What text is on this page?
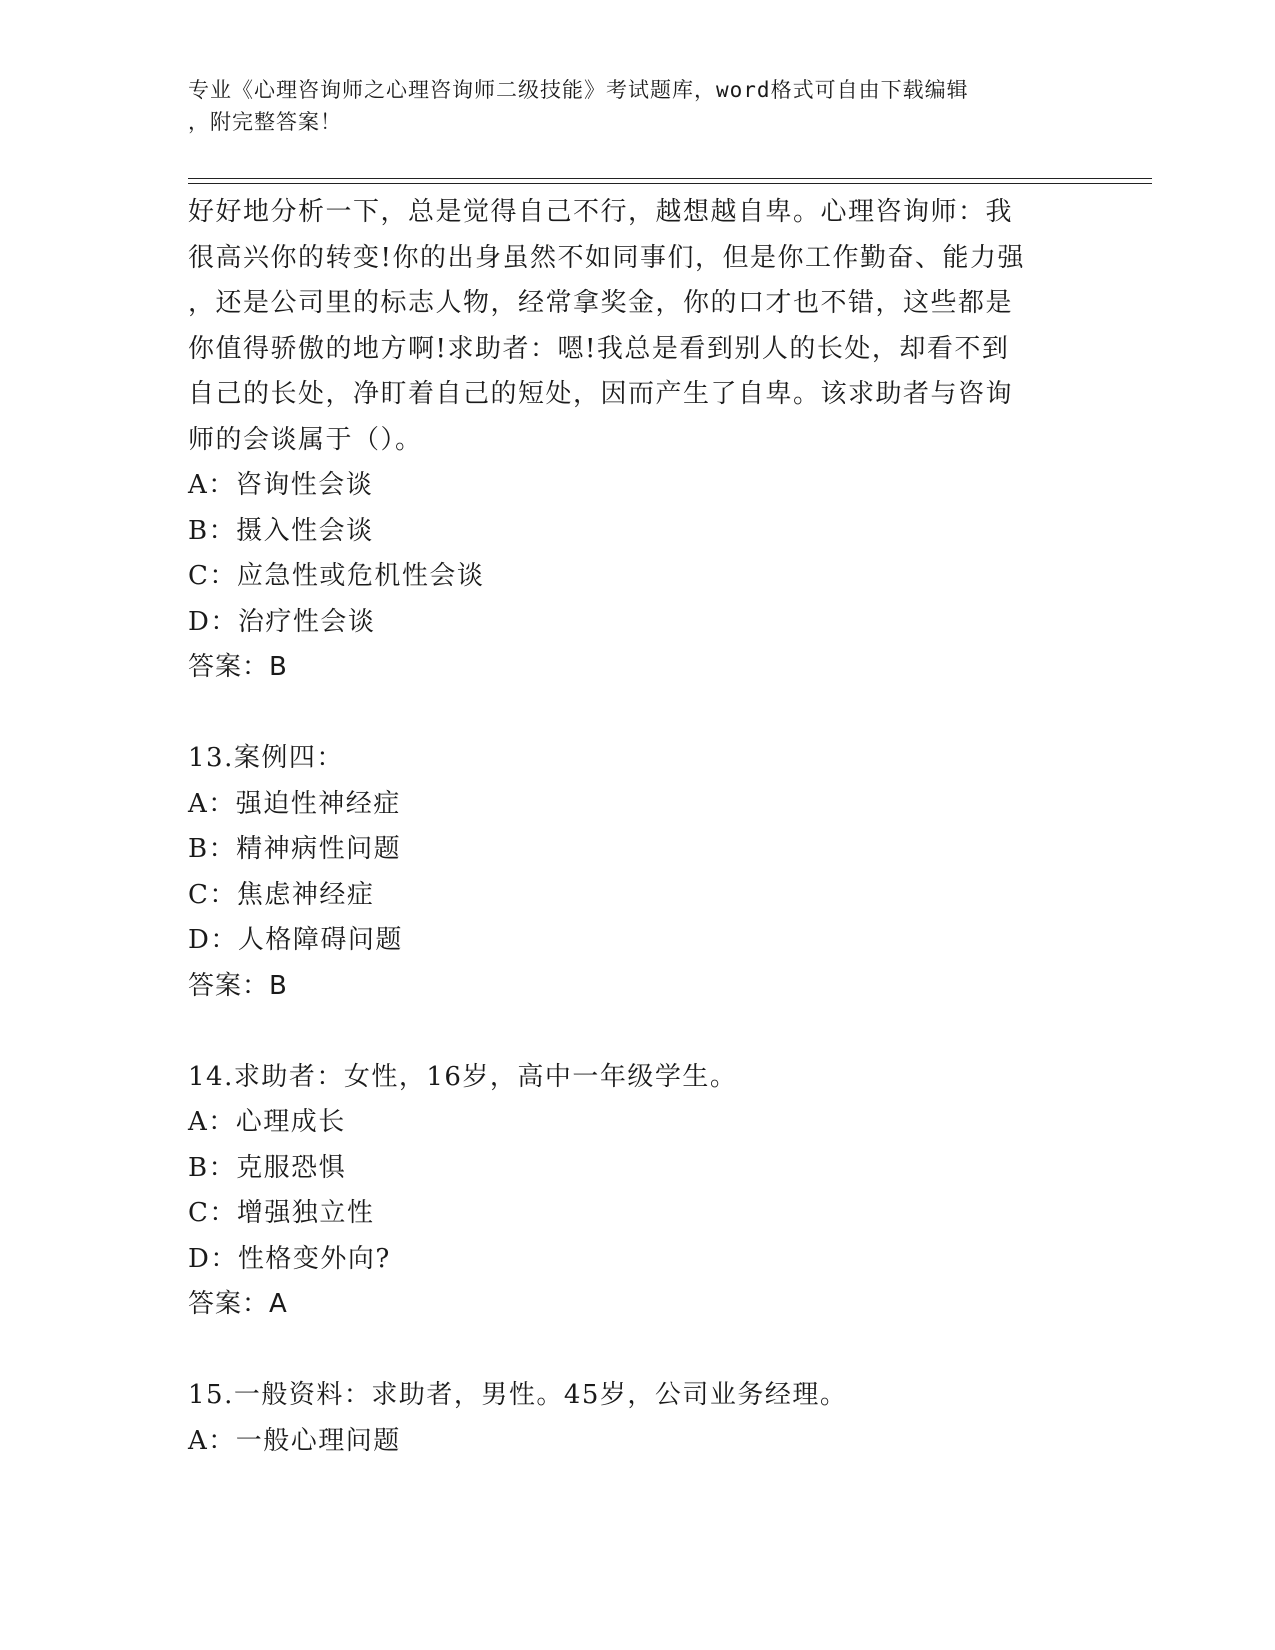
专业《心理咨询师之心理咨询师二级技能》考试题库，word格式可自由下载编辑
，附完整答案！
好好地分析一下，总是觉得自己不行，越想越自卑。心理咨询师：我
很高兴你的转变!你的出身虽然不如同事们，但是你工作勤奋、能力强
，还是公司里的标志人物，经常拿奖金，你的口才也不错，这些都是
你值得骄傲的地方啊!求助者：嗯!我总是看到别人的长处，却看不到
自己的长处，净盯着自己的短处，因而产生了自卑。该求助者与咨询
师的会谈属于（）。
A：咨询性会谈
B：摄入性会谈
C：应急性或危机性会谈
D：治疗性会谈
答案：B
13.案例四：
A：强迫性神经症
B：精神病性问题
C：焦虑神经症
D：人格障碍问题
答案：B
14.求助者：女性，16岁，高中一年级学生。
A：心理成长
B：克服恐惧
C：增强独立性
D：性格变外向?
答案：A
15.一般资料：求助者，男性。45岁，公司业务经理。
A：一般心理问题
